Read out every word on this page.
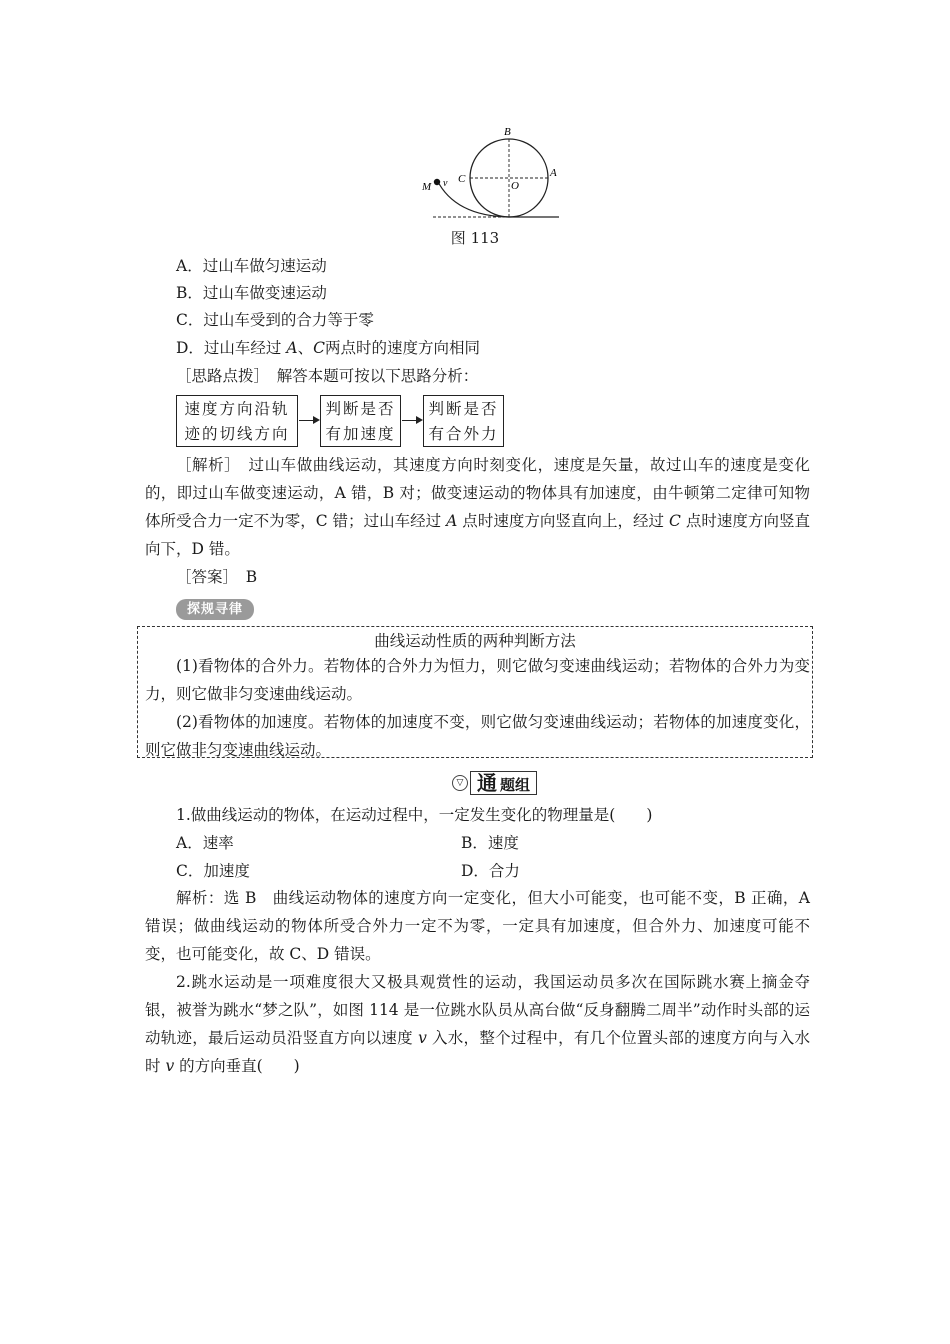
B
A
C
O
M v
图 113
A．过山车做匀速运动
B．过山车做变速运动
C．过山车受到的合力等于零
D．过山车经过 A、C两点时的速度方向相同
［思路点拨］　解答本题可按以下思路分析：
速度方向沿轨
迹的切线方向
判断是否
有加速度
判断是否
有合外力
［解析］　过山车做曲线运动，其速度方向时刻变化，速度是矢量，故过山车的速度是变化的，即过山车做变速运动，A 错，B 对；做变速运动的物体具有加速度，由牛顿第二定律可知物体所受合力一定不为零，C 错；过山车经过 A 点时速度方向竖直向上，经过 C 点时速度方向竖直向下，D 错。
［答案］　B
探规寻律
曲线运动性质的两种判断方法
(1)看物体的合外力。若物体的合外力为恒力，则它做匀变速曲线运动；若物体的合外力为变力，则它做非匀变速曲线运动。
(2)看物体的加速度。若物体的加速度不变，则它做匀变速曲线运动；若物体的加速度变化，则它做非匀变速曲线运动。
▽ 通 题组
1.做曲线运动的物体，在运动过程中，一定发生变化的物理量是(　　)
A．速率	B．速度
C．加速度	D．合力
解析：选 B　曲线运动物体的速度方向一定变化，但大小可能变，也可能不变，B 正确，A 错误；做曲线运动的物体所受合外力一定不为零，一定具有加速度，但合外力、加速度可能不变，也可能变化，故 C、D 错误。
2.跳水运动是一项难度很大又极具观赏性的运动，我国运动员多次在国际跳水赛上摘金夺银，被誉为跳水“梦之队”，如图 114 是一位跳水队员从高台做“反身翻腾二周半”动作时头部的运动轨迹，最后运动员沿竖直方向以速度 v 入水，整个过程中，有几个位置头部的速度方向与入水时 v 的方向垂直(　　)
